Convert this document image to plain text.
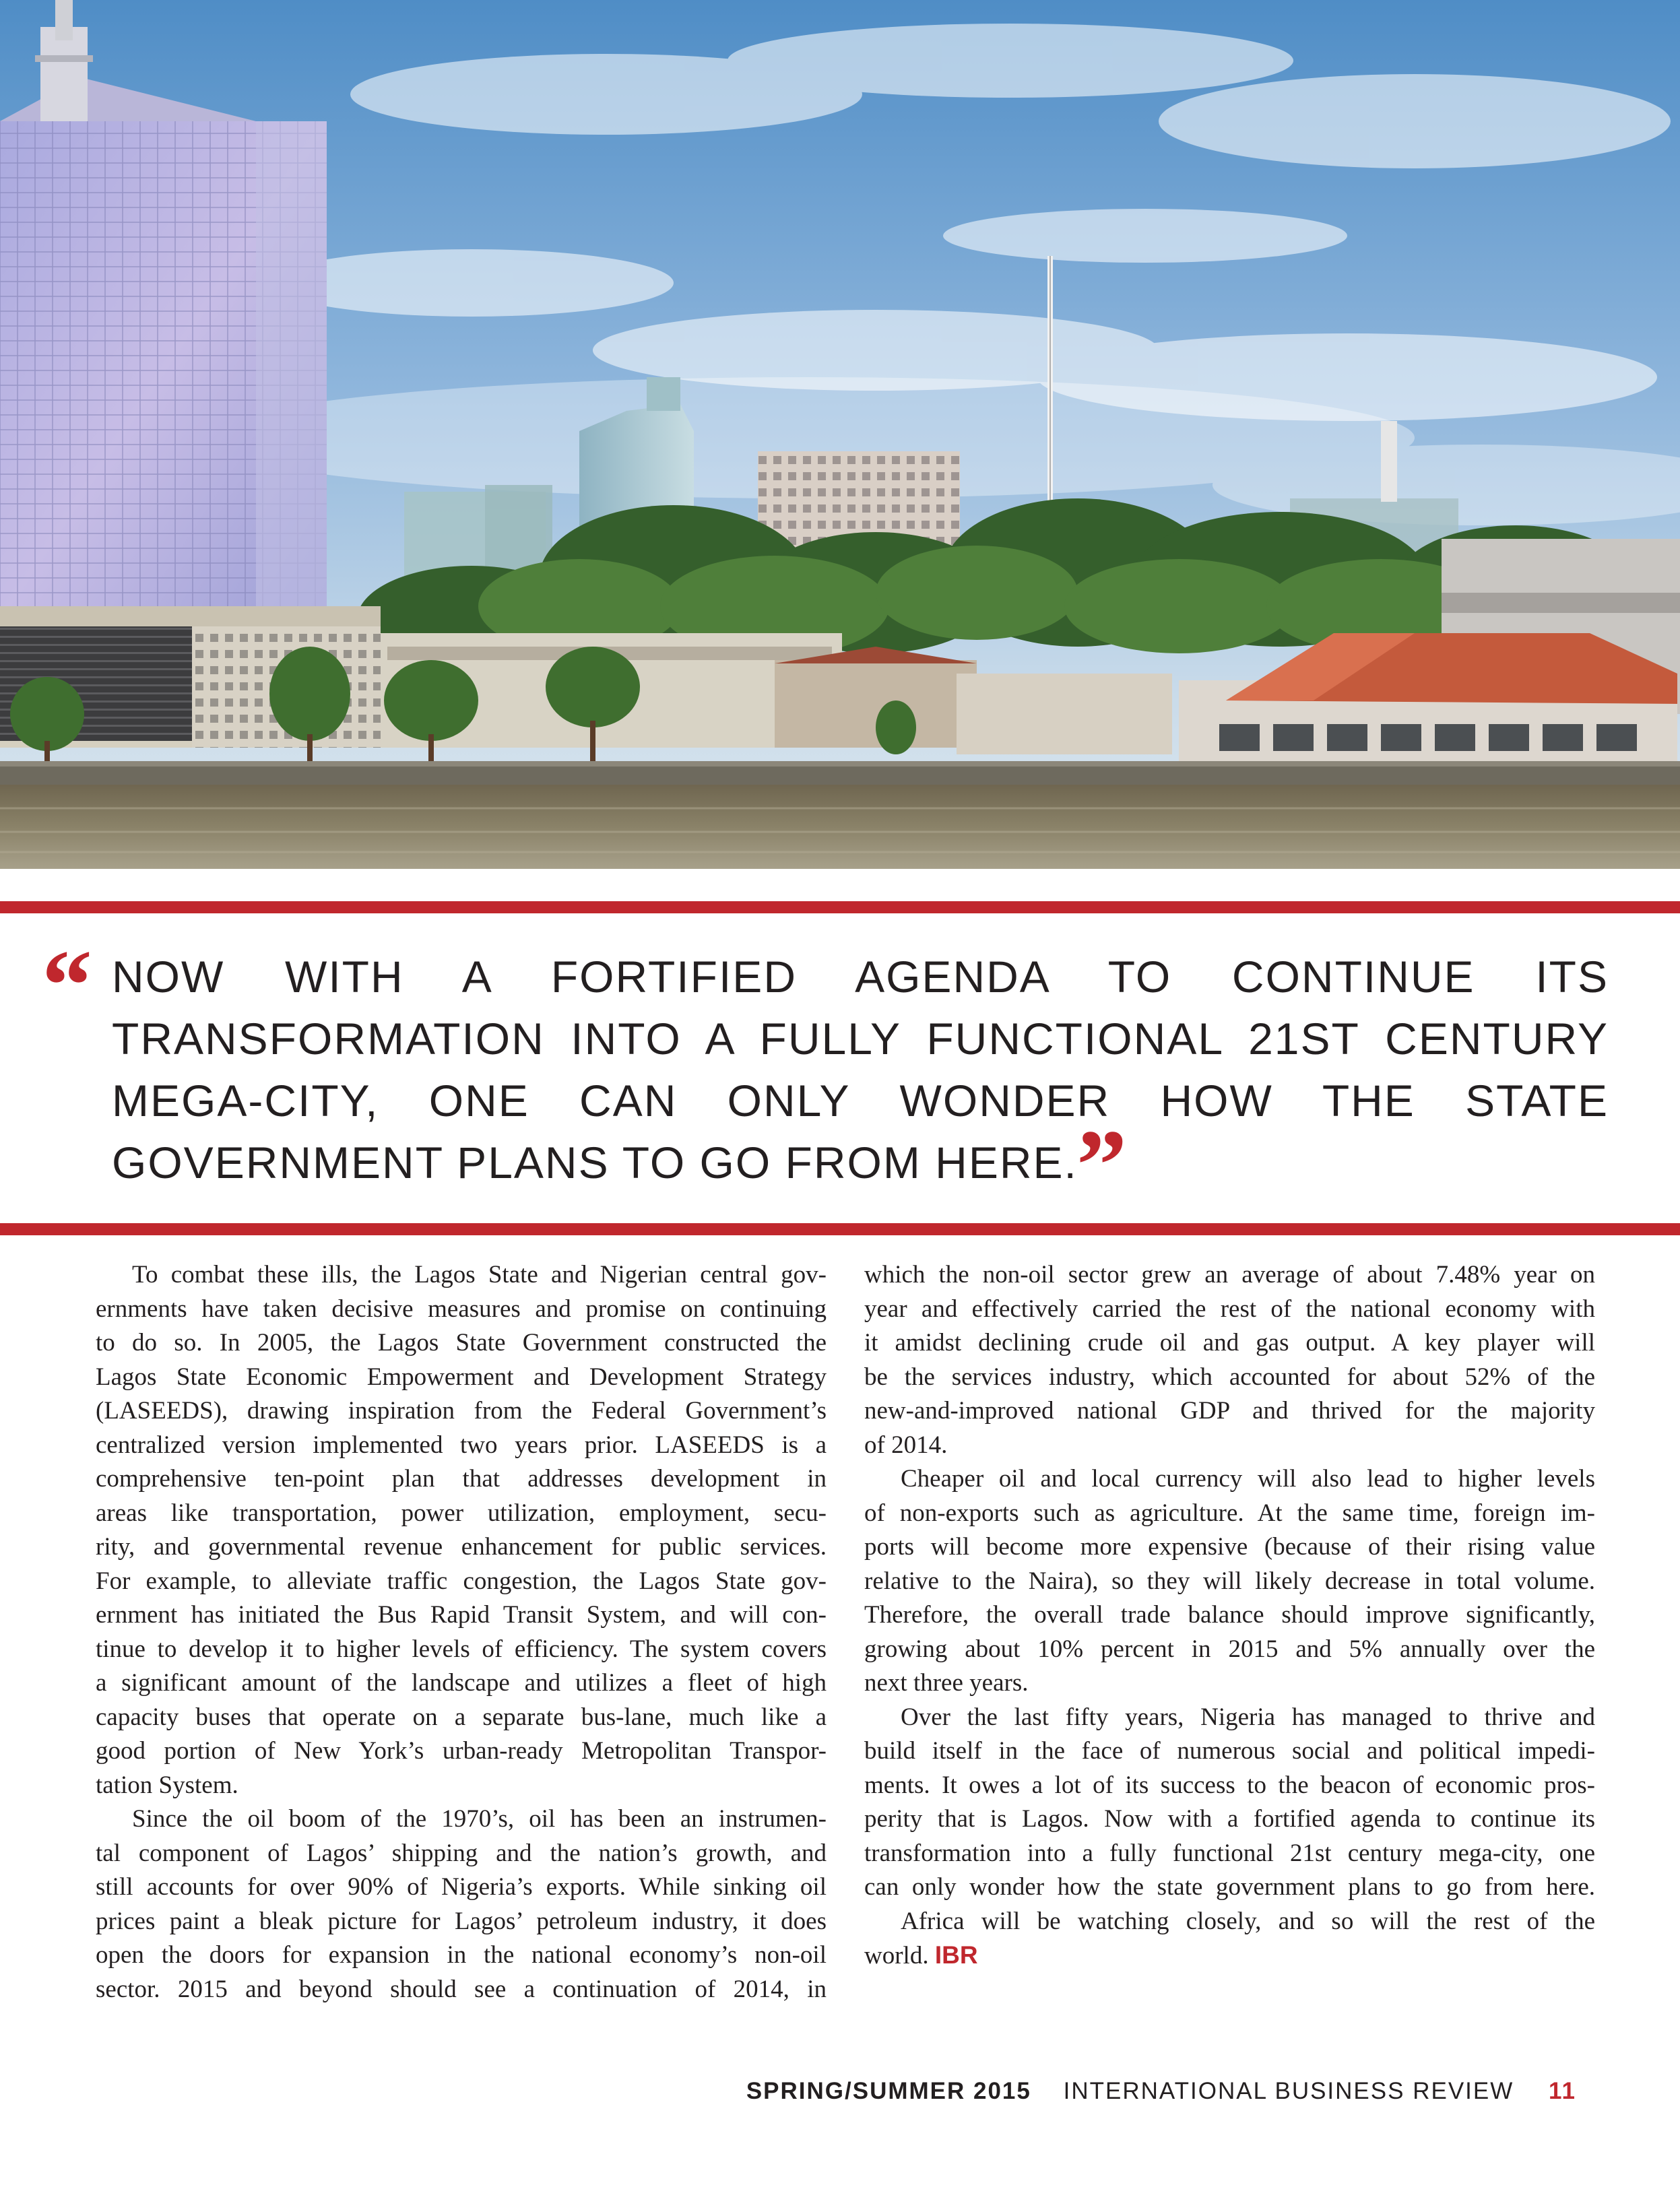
“ NOW WITH A FORTIFIED AGENDA TO CONTINUE ITS
TRANSFORMATION INTO A FULLY FUNCTIONAL 21ST CENTURY
MEGA-CITY, ONE CAN ONLY WONDER HOW THE STATE
GOVERNMENT PLANS TO GO FROM HERE.
”
To combat these ills, the Lagos State and Nigerian central gov-
ernments have taken decisive measures and promise on continuing
to do so. In 2005, the Lagos State Government constructed the
Lagos State Economic Empowerment and Development Strategy
(LASEEDS), drawing inspiration from the Federal Government’s
centralized version implemented two years prior. LASEEDS is a
comprehensive ten-point plan that addresses development in
areas like transportation, power utilization, employment, secu-
rity, and governmental revenue enhancement for public services.
For example, to alleviate traffic congestion, the Lagos State gov-
ernment has initiated the Bus Rapid Transit System, and will con-
tinue to develop it to higher levels of efficiency. The system covers
a significant amount of the landscape and utilizes a fleet of high
capacity buses that operate on a separate bus-lane, much like a
good portion of New York’s urban-ready Metropolitan Transpor-
tation System.
Since the oil boom of the 1970’s, oil has been an instrumen-
tal component of Lagos’ shipping and the nation’s growth, and
still accounts for over 90% of Nigeria’s exports. While sinking oil
prices paint a bleak picture for Lagos’ petroleum industry, it does
open the doors for expansion in the national economy’s non-oil
sector. 2015 and beyond should see a continuation of 2014, in
which the non-oil sector grew an average of about 7.48% year on
year and effectively carried the rest of the national economy with
it amidst declining crude oil and gas output. A key player will
be the services industry, which accounted for about 52% of the
new-and-improved national GDP and thrived for the majority
of 2014.
Cheaper oil and local currency will also lead to higher levels
of non-exports such as agriculture. At the same time, foreign im-
ports will become more expensive (because of their rising value
relative to the Naira), so they will likely decrease in total volume.
Therefore, the overall trade balance should improve significantly,
growing about 10% percent in 2015 and 5% annually over the
next three years.
Over the last fifty years, Nigeria has managed to thrive and
build itself in the face of numerous social and political impedi-
ments. It owes a lot of its success to the beacon of economic pros-
perity that is Lagos. Now with a fortified agenda to continue its
transformation into a fully functional 21st century mega-city, one
can only wonder how the state government plans to go from here.
Africa will be watching closely, and so will the rest of the
world. IBR
SPRING/SUMMER 2015 INTERNATIONAL BUSINESS REVIEW 11
